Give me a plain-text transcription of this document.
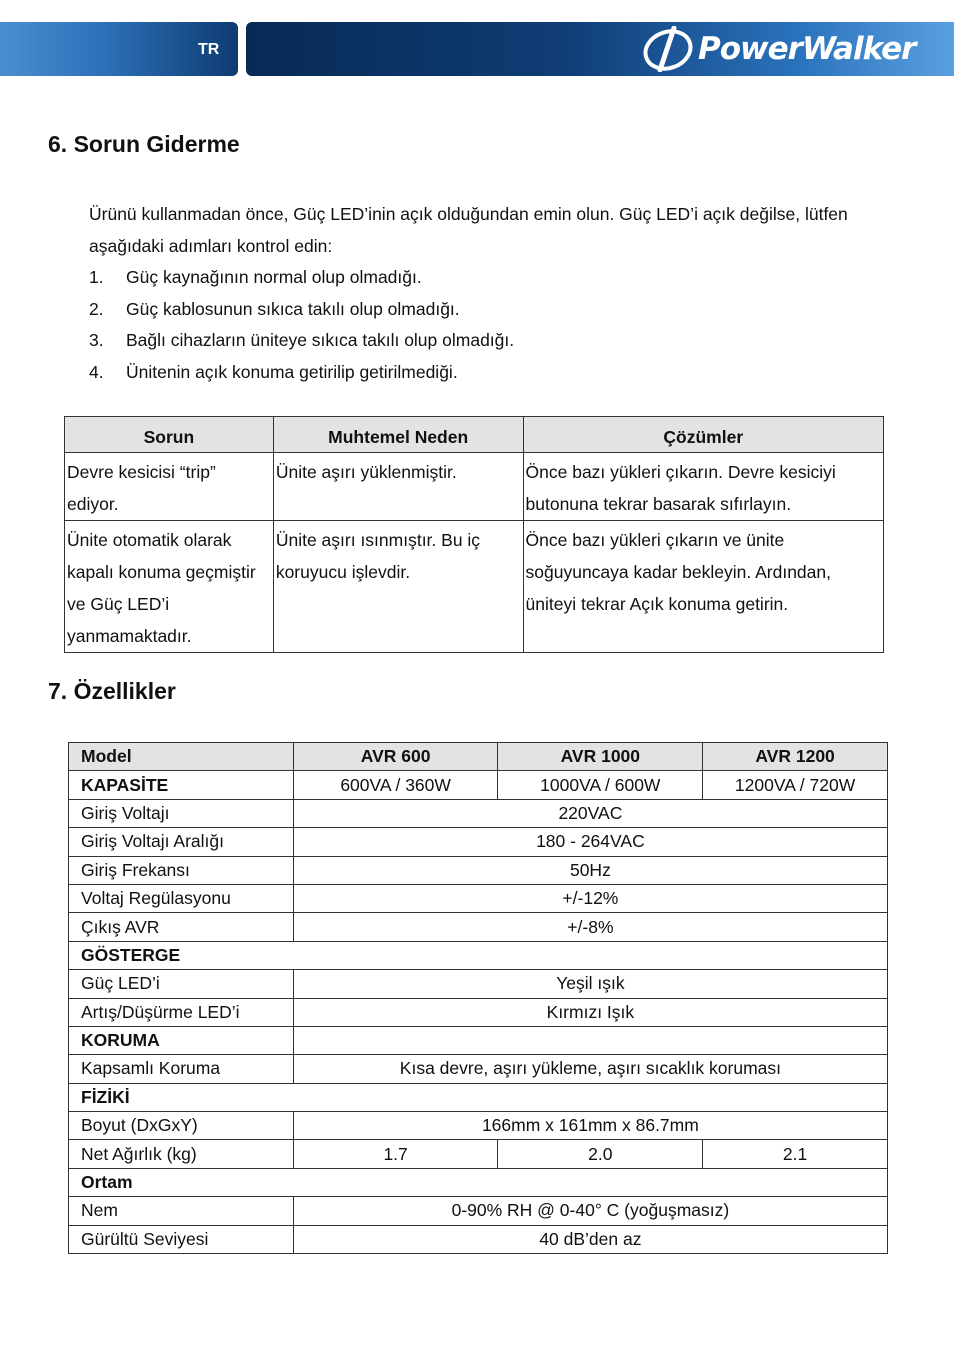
TR	PowerWalker
6. Sorun Giderme

Ürünü kullanmadan önce, Güç LED’inin açık olduğundan emin olun. Güç LED’i açık değilse, lütfen aşağıdaki adımları kontrol edin:

1.	Güç kaynağının normal olup olmadığı.
2.	Güç kablosunun sıkıca takılı olup olmadığı.
3.	Bağlı cihazların üniteye sıkıca takılı olup olmadığı.
4.	Ünitenin açık konuma getirilip getirilmediği.
Sorun	Muhtemel Neden	Çözümler
Devre kesicisi “trip” ediyor.	Ünite aşırı yüklenmiştir.	Önce bazı yükleri çıkarın. Devre kesiciyi butonuna tekrar basarak sıfırlayın.
Ünite otomatik olarak kapalı konuma geçmiştir ve Güç LED’i yanmamaktadır.	Ünite aşırı ısınmıştır. Bu iç koruyucu işlevdir.	Önce bazı yükleri çıkarın ve ünite soğuyuncaya kadar bekleyin. Ardından, üniteyi tekrar Açık konuma getirin.
7. Özellikler
Model	AVR 600	AVR 1000	AVR 1200
KAPASİTE	600VA / 360W	1000VA / 600W	1200VA / 720W
Giriş Voltajı	220VAC		
Giriş Voltajı Aralığı	180 - 264VAC		
Giriş Frekansı	50Hz		
Voltaj Regülasyonu	+/-12%		
Çıkış AVR	+/-8%		
GÖSTERGE			
Güç LED’i	Yeşil ışık		
Artış/Düşürme LED’i	Kırmızı Işık		
KORUMA			
Kapsamlı Koruma	Kısa devre, aşırı yükleme, aşırı sıcaklık koruması		
FİZİKİ			
Boyut (DxGxY)	166mm x 161mm x 86.7mm		
Net Ağırlık (kg)	1.7	2.0	2.1
Ortam			
Nem	0-90% RH @ 0-40° C (yoğuşmasız)		
Gürültü Seviyesi	40 dB’den az		
